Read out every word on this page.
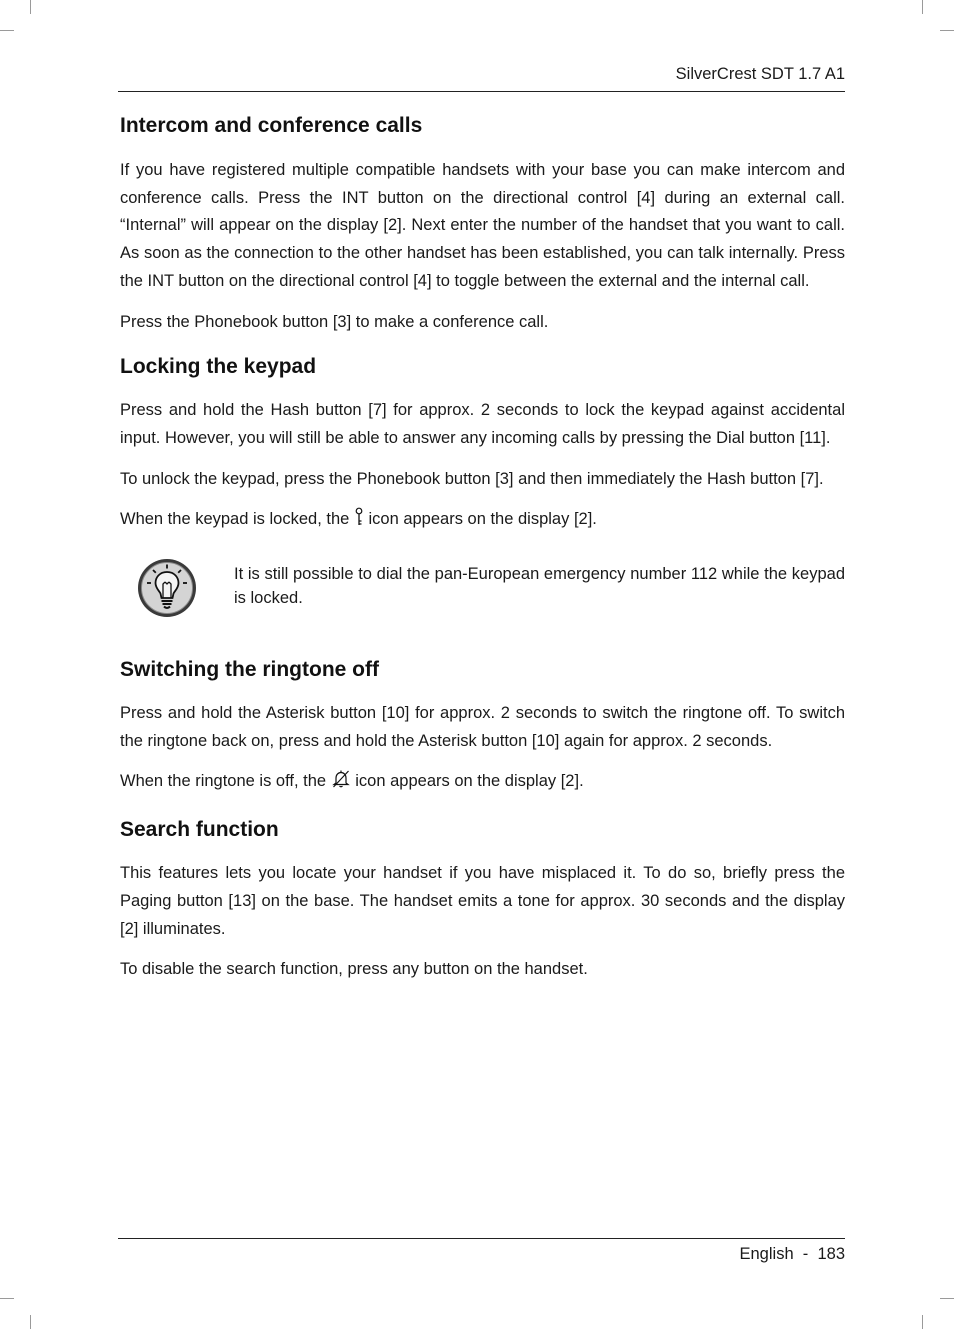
SilverCrest SDT 1.7 A1
Intercom and conference calls

If you have registered multiple compatible handsets with your base you can make intercom and conference calls. Press the INT button on the directional control [4] during an external call. “Internal” will appear on the display [2]. Next enter the number of the handset that you want to call. As soon as the connection to the other handset has been established, you can talk internally. Press the INT button on the directional control [4] to toggle between the external and the internal call.

Press the Phonebook button [3] to make a conference call.

Locking the keypad

Press and hold the Hash button [7] for approx. 2 seconds to lock the keypad against accidental input. However, you will still be able to answer any incoming calls by pressing the Dial button [11].

To unlock the keypad, press the Phonebook button [3] and then immediately the Hash button [7].

When the keypad is locked, the  icon appears on the display [2].

It is still possible to dial the pan-European emergency number 112 while the keypad is locked.
Switching the ringtone off

Press and hold the Asterisk button [10] for approx. 2 seconds to switch the ringtone off. To switch the ringtone back on, press and hold the Asterisk button [10] again for approx. 2 seconds.

When the ringtone is off, the  icon appears on the display [2].

Search function

This features lets you locate your handset if you have misplaced it. To do so, briefly press the Paging button [13] on the base. The handset emits a tone for approx. 30 seconds and the display [2] illuminates.

To disable the search function, press any button on the handset.

English - 183
